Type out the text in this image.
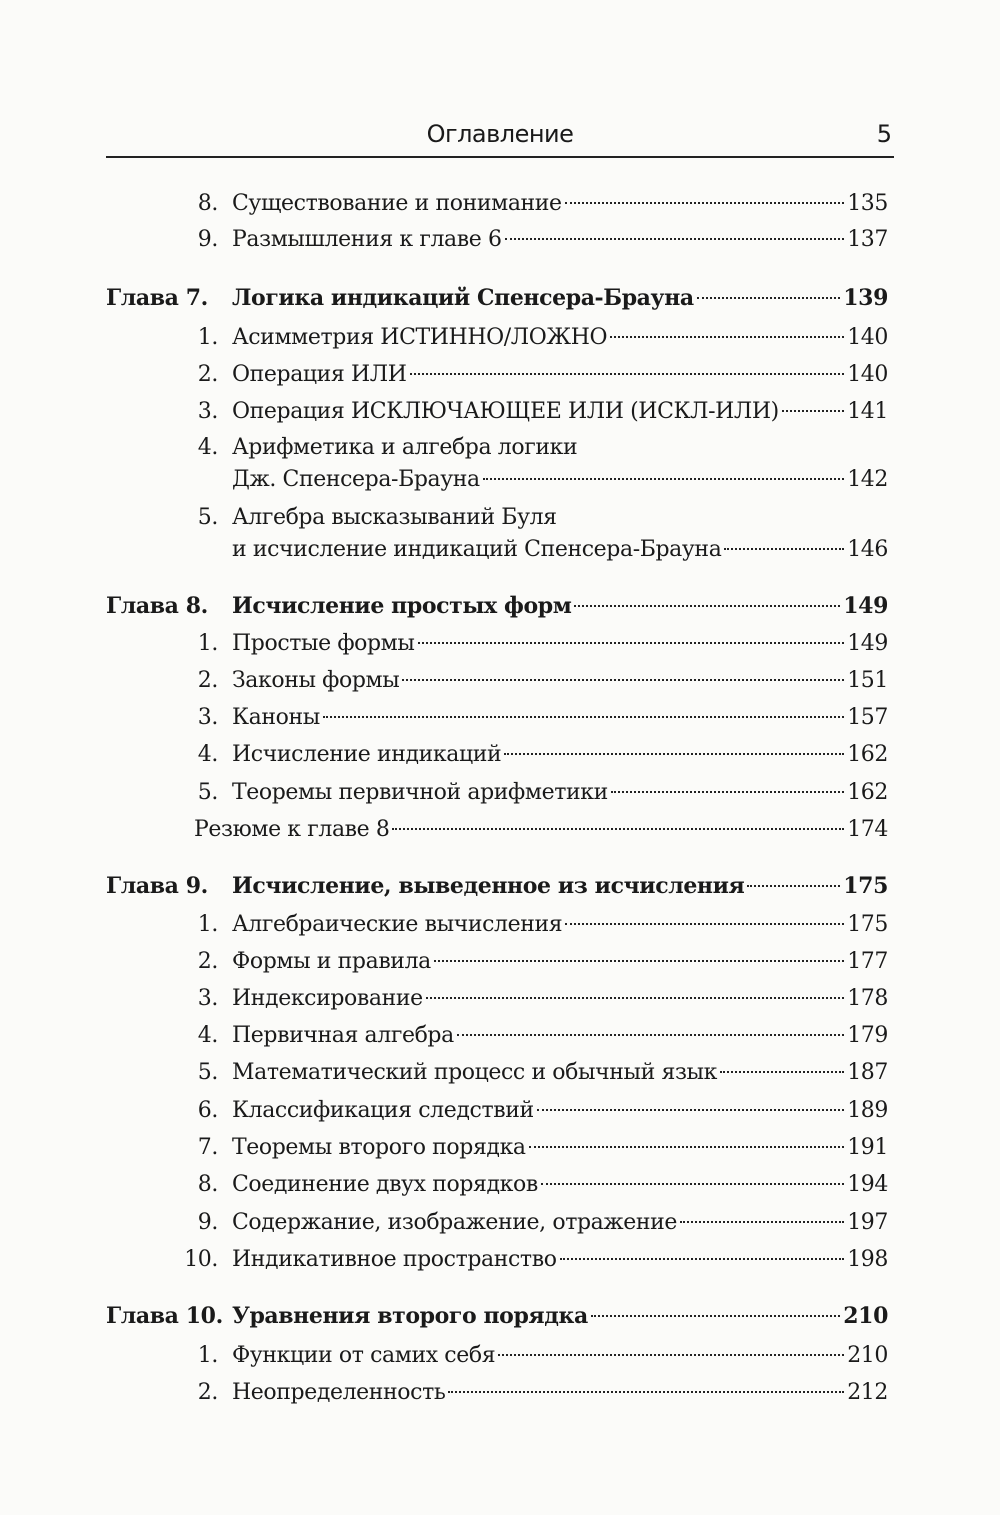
Оглавление	5
8. Существование и понимание	135
9. Размышления к главе 6	137
Глава 7. Логика индикаций Спенсера-Брауна	139
1. Асимметрия ИСТИННО/ЛОЖНО	140
2. Операция ИЛИ	140
3. Операция ИСКЛЮЧАЮЩЕЕ ИЛИ (ИСКЛ-ИЛИ)	141
4. Арифметика и алгебра логики
Дж. Спенсера-Брауна	142
5. Алгебра высказываний Буля
и исчисление индикаций Спенсера-Брауна	146
Глава 8. Исчисление простых форм	149
1. Простые формы	149
2. Законы формы	151
3. Каноны	157
4. Исчисление индикаций	162
5. Теоремы первичной арифметики	162
Резюме к главе 8	174
Глава 9. Исчисление, выведенное из исчисления	175
1. Алгебраические вычисления	175
2. Формы и правила	177
3. Индексирование	178
4. Первичная алгебра	179
5. Математический процесс и обычный язык	187
6. Классификация следствий	189
7. Теоремы второго порядка	191
8. Соединение двух порядков	194
9. Содержание, изображение, отражение	197
10. Индикативное пространство	198
Глава 10. Уравнения второго порядка	210
1. Функции от самих себя	210
2. Неопределенность	212
